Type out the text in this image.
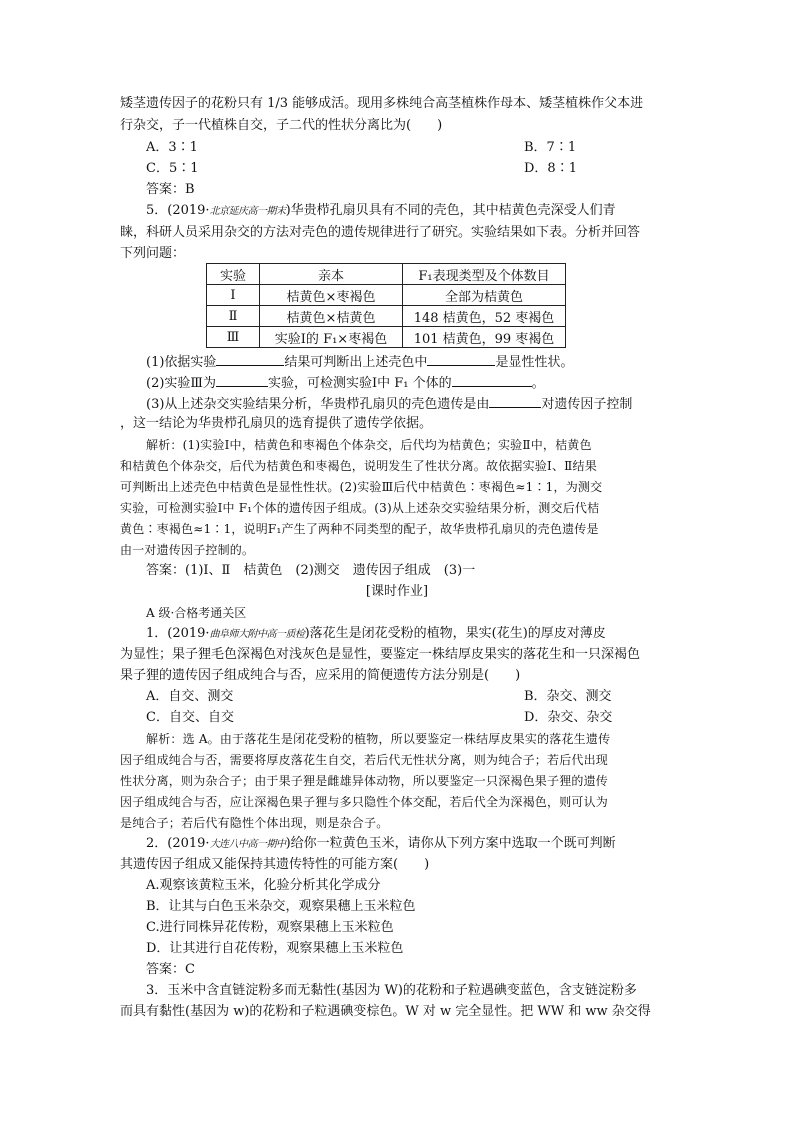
矮茎遗传因子的花粉只有 1/3 能够成活。现用多株纯合高茎植株作母本、矮茎植株作父本进
行杂交，子一代植株自交，子二代的性状分离比为(　　)
A．3∶1	B．7∶1
C．5∶1	D．8∶1
答案：B
5．(2019·北京延庆高一期末)华贵栉孔扇贝具有不同的壳色，其中桔黄色壳深受人们青
睐，科研人员采用杂交的方法对壳色的遗传规律进行了研究。实验结果如下表。分析并回答
下列问题：
实验	亲本	F₁表现类型及个体数目
Ⅰ	桔黄色×枣褐色	全部为桔黄色
Ⅱ	桔黄色×桔黄色	148 桔黄色，52 枣褐色
Ⅲ	实验Ⅰ的 F₁×枣褐色	101 桔黄色，99 枣褐色
(1)依据实验	结果可判断出上述壳色中	是显性性状。
(2)实验Ⅲ为	实验，可检测实验Ⅰ中 F₁ 个体的	。
(3)从上述杂交实验结果分析，华贵栉孔扇贝的壳色遗传是由	对遗传因子控制
，这一结论为华贵栉孔扇贝的选育提供了遗传学依据。
解析：(1)实验Ⅰ中，桔黄色和枣褐色个体杂交，后代均为桔黄色；实验Ⅱ中，桔黄色
和桔黄色个体杂交，后代为桔黄色和枣褐色，说明发生了性状分离。故依据实验Ⅰ、Ⅱ结果
可判断出上述壳色中桔黄色是显性性状。(2)实验Ⅲ后代中桔黄色∶枣褐色≈1∶1，为测交
实验，可检测实验Ⅰ中 F₁个体的遗传因子组成。(3)从上述杂交实验结果分析，测交后代桔
黄色∶枣褐色≈1∶1，说明F₁产生了两种不同类型的配子，故华贵栉孔扇贝的壳色遗传是
由一对遗传因子控制的。
答案：(1)Ⅰ、Ⅱ　桔黄色　(2)测交　遗传因子组成　(3)一
[课时作业]
A 级·合格考通关区
1．(2019·曲阜师大附中高一质检)落花生是闭花受粉的植物，果实(花生)的厚皮对薄皮
为显性；果子狸毛色深褐色对浅灰色是显性，要鉴定一株结厚皮果实的落花生和一只深褐色
果子狸的遗传因子组成纯合与否，应采用的简便遗传方法分别是(　　)
A．自交、测交	B．杂交、测交
C．自交、自交	D．杂交、杂交
解析：选 A。由于落花生是闭花受粉的植物，所以要鉴定一株结厚皮果实的落花生遗传
因子组成纯合与否，需要将厚皮落花生自交，若后代无性状分离，则为纯合子；若后代出现
性状分离，则为杂合子；由于果子狸是雌雄异体动物，所以要鉴定一只深褐色果子狸的遗传
因子组成纯合与否，应让深褐色果子狸与多只隐性个体交配，若后代全为深褐色，则可认为
是纯合子；若后代有隐性个体出现，则是杂合子。
2．(2019·大连八中高一期中)给你一粒黄色玉米，请你从下列方案中选取一个既可判断
其遗传因子组成又能保持其遗传特性的可能方案(　　)
A.观察该黄粒玉米，化验分析其化学成分
B．让其与白色玉米杂交，观察果穗上玉米粒色
C.进行同株异花传粉，观察果穗上玉米粒色
D．让其进行自花传粉，观察果穗上玉米粒色
答案：C
3．玉米中含直链淀粉多而无黏性(基因为 W)的花粉和子粒遇碘变蓝色，含支链淀粉多
而具有黏性(基因为 w)的花粉和子粒遇碘变棕色。W 对 w 完全显性。把 WW 和 ww 杂交得
